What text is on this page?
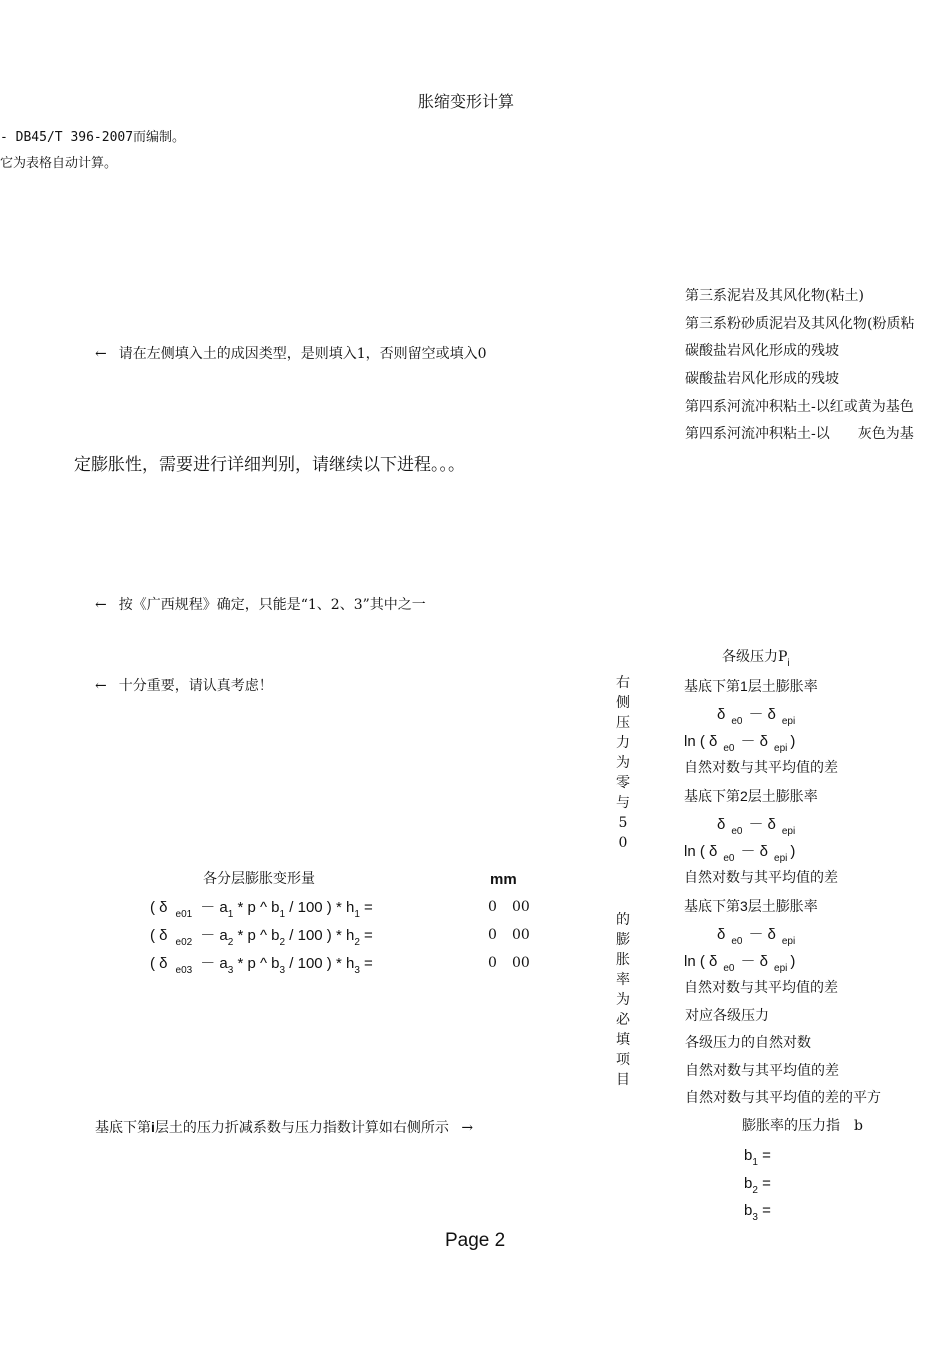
胀缩变形计算
- DB45/T 396-2007而编制。
它为表格自动计算。
← 请在左侧填入土的成因类型，是则填入1，否则留空或填入0
第三系泥岩及其风化物(粘土)
第三系粉砂质泥岩及其风化物(粉质粘
碳酸盐岩风化形成的残坡
碳酸盐岩风化形成的残坡
第四系河流冲积粘土-以红或黄为基色
第四系河流冲积粘土-以　　灰色为基
定膨胀性，需要进行详细判别，请继续以下进程。。。
← 按《广西规程》确定，只能是“1、2、3”其中之一
← 十分重要，请认真考虑！	右
侧
压
力
为
零
与
5
0
的
膨
胀
率
为
必
填
项
目
各级压力$P_i$
基底下第1层土膨胀率
δ e0 － δ epi
ln ( δ e0 － δ epi )
自然对数与其平均值的差
基底下第2层土膨胀率
δ e0 － δ epi
ln ( δ e0 － δ epi )
自然对数与其平均值的差
基底下第3层土膨胀率
δ e0 － δ epi
ln ( δ e0 － δ epi )
自然对数与其平均值的差
对应各级压力
各级压力的自然对数
自然对数与其平均值的差
自然对数与其平均值的差的平方
膨胀率的压力指　b
$b_1$ =
$b_2$ =
$b_3$ =
各分层膨胀变形量	mm
( δ e01 － a1 * p ^ b1 / 100 ) * h1 =	0 00
( δ e02 － a2 * p ^ b2 / 100 ) * h2 =	0 00
( δ e03 － a3 * p ^ b3 / 100 ) * h3 =	0 00
基底下第i层土的压力折减系数与压力指数计算如右侧所示 →
Page 2
